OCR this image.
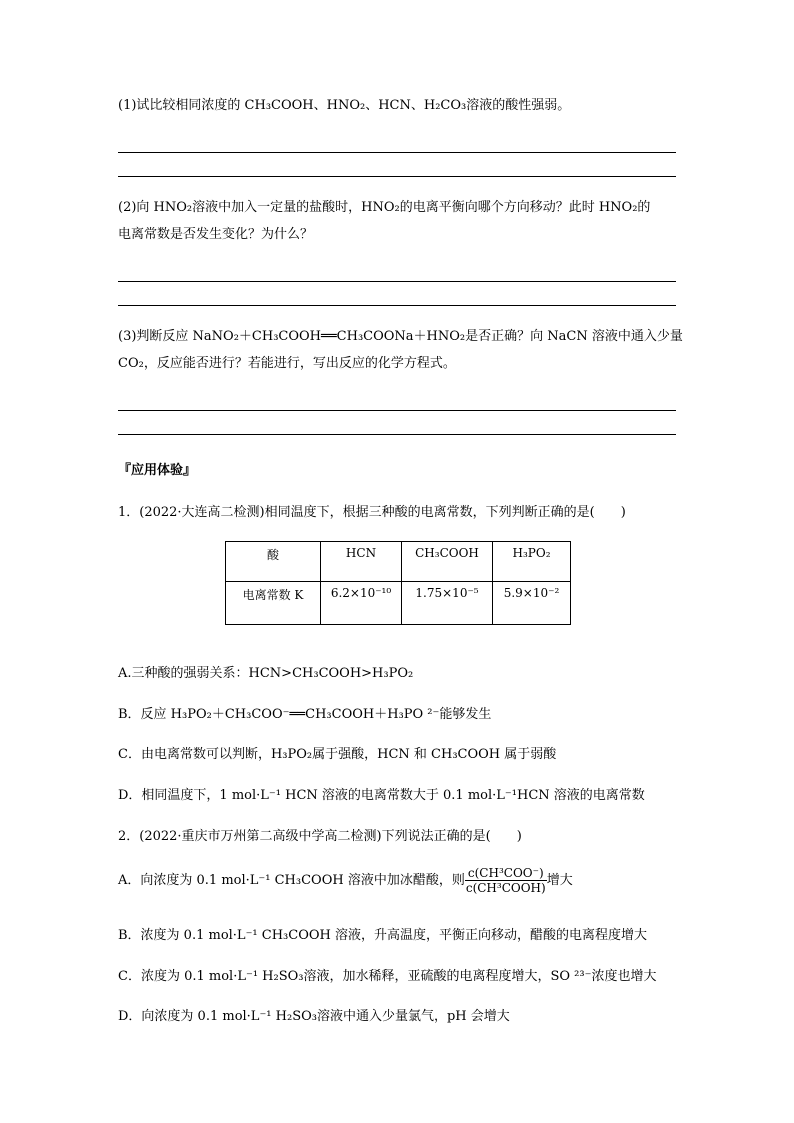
(1)试比较相同浓度的 CH₃COOH、HNO₂、HCN、H₂CO₃溶液的酸性强弱。
(2)向 HNO₂溶液中加入一定量的盐酸时，HNO₂的电离平衡向哪个方向移动？此时 HNO₂的
电离常数是否发生变化？为什么？
(3)判断反应 NaNO₂＋CH₃COOH══CH₃COONa＋HNO₂是否正确？向 NaCN 溶液中通入少量
CO₂，反应能否进行？若能进行，写出反应的化学方程式。
『应用体验』
1．(2022·大连高二检测)相同温度下，根据三种酸的电离常数，下列判断正确的是(　　)
酸	HCN	CH₃COOH	H₃PO₂

电离常数 K	6.2×10⁻¹⁰	1.75×10⁻⁵	5.9×10⁻²
A.三种酸的强弱关系：HCN>CH₃COOH>H₃PO₂
B．反应 H₃PO₂＋CH₃COO⁻══CH₃COOH＋H₃PO ²⁻能够发生
C．由电离常数可以判断，H₃PO₂属于强酸，HCN 和 CH₃COOH 属于弱酸
D．相同温度下，1 mol·L⁻¹ HCN 溶液的电离常数大于 0.1 mol·L⁻¹HCN 溶液的电离常数
2．(2022·重庆市万州第二高级中学高二检测)下列说法正确的是(　　)
A．向浓度为 0.1 mol·L⁻¹ CH₃COOH 溶液中加冰醋酸，则 $\frac{\text{c(CH³COO⁻)}}{\text{c(CH³COOH)}}$ 增大
B．浓度为 0.1 mol·L⁻¹ CH₃COOH 溶液，升高温度，平衡正向移动，醋酸的电离程度增大
C．浓度为 0.1 mol·L⁻¹ H₂SO₃溶液，加水稀释，亚硫酸的电离程度增大，SO ²³⁻浓度也增大
D．向浓度为 0.1 mol·L⁻¹ H₂SO₃溶液中通入少量氯气，pH 会增大
